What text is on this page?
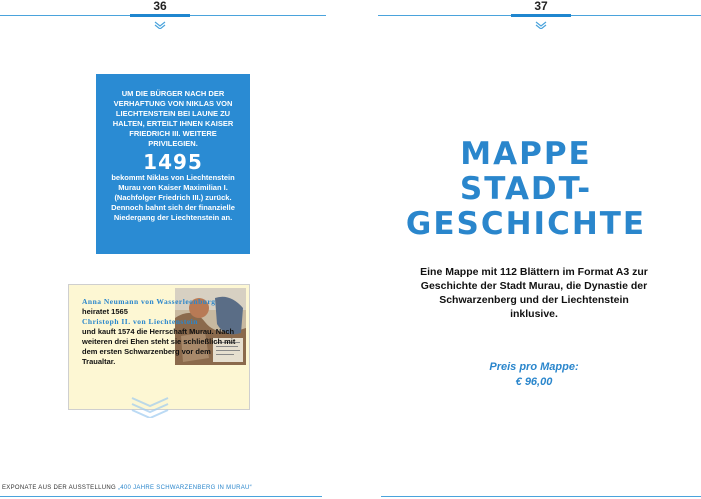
36
UM DIE BÜRGER NACH DER VERHAFTUNG VON NIKLAS VON LIECHTENSTEIN BEI LAUNE ZU HALTEN, ERTEILT IHNEN KAISER FRIEDRICH III. WEITERE PRIVILEGIEN.
1495
bekommt Niklas von Liechtenstein Murau von Kaiser Maximilian I. (Nachfolger Friedrich III.) zurück. Dennoch bahnt sich der finanzielle Niedergang der Liechtenstein an.
Anna Neumann von Wasserleonburg
heiratet 1565
Christoph II. von Liechtenstein
und kauft 1574 die Herrschaft Murau. Nach weiteren drei Ehen steht sie schließlich mit dem ersten Schwarzenberg vor dem Traualtar.
EXPONATE AUS DER AUSSTELLUNG „400 JAHRE SCHWARZENBERG IN MURAU“
37
MAPPE
STADT-
GESCHICHTE
Eine Mappe mit 112 Blättern im Format A3 zur Geschichte der Stadt Murau, die Dynastie der Schwarzenberg und der Liechtenstein inklusive.
Preis pro Mappe:
€ 96,00
